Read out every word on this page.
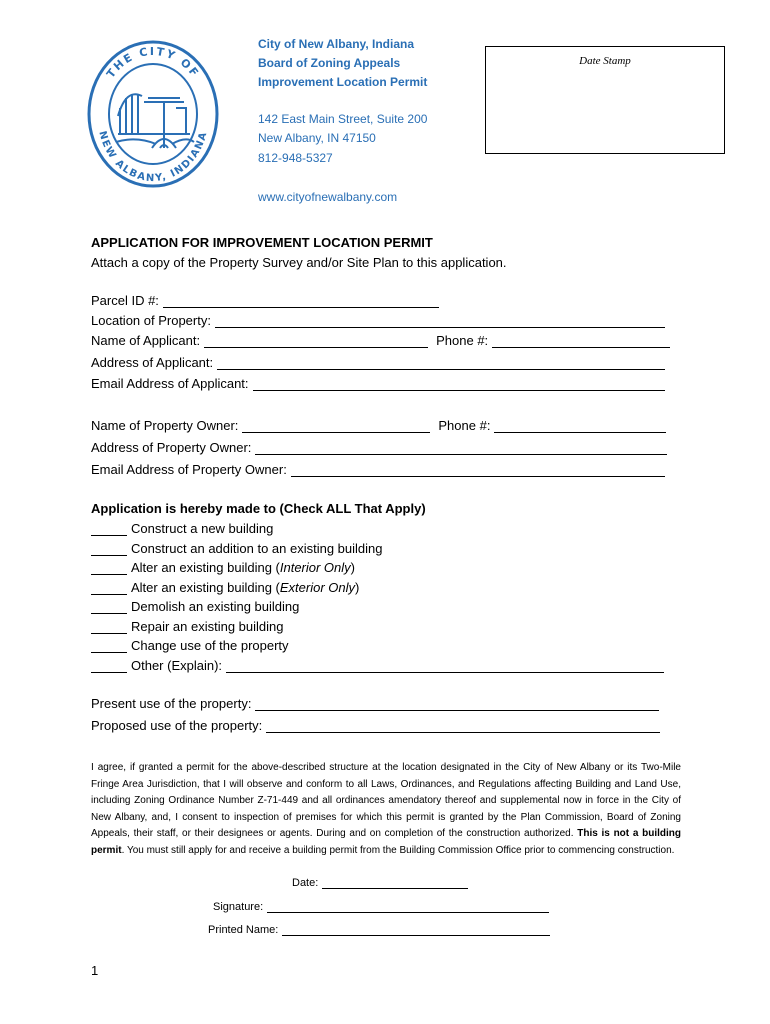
THE CITY OF
NEW ALBANY, INDIANA
City of New Albany, Indiana
Board of Zoning Appeals
Improvement Location Permit
142 East Main Street, Suite 200
New Albany, IN 47150
812-948-5327
www.cityofnewalbany.com
Date Stamp
APPLICATION FOR IMPROVEMENT LOCATION PERMIT
Attach a copy of the Property Survey and/or Site Plan to this application.
Parcel ID #:
Location of Property:
Name of Applicant:	Phone #:
Address of Applicant:
Email Address of Applicant:
Name of Property Owner:	Phone #:
Address of Property Owner:
Email Address of Property Owner:
Application is hereby made to (Check ALL That Apply)
Construct a new building
Construct an addition to an existing building
Alter an existing building ( Interior Only )
Alter an existing building ( Exterior Only )
Demolish an existing building
Repair an existing building
Change use of the property
Other (Explain):
Present use of the property:
Proposed use of the property:
I agree, if granted a permit for the above-described structure at the location designated in the City of New Albany or its Two-Mile Fringe Area Jurisdiction, that I will observe and conform to all Laws, Ordinances, and Regulations affecting Building and Land Use, including Zoning Ordinance Number Z-71-449 and all ordinances amendatory thereof and supplemental now in force in the City of New Albany, and, I consent to inspection of premises for which this permit is granted by the Plan Commission, Board of Zoning Appeals, their staff, or their designees or agents. During and on completion of the construction authorized. This is not a building permit. You must still apply for and receive a building permit from the Building Commission Office prior to commencing construction.
Date:
Signature:
Printed Name:
1
